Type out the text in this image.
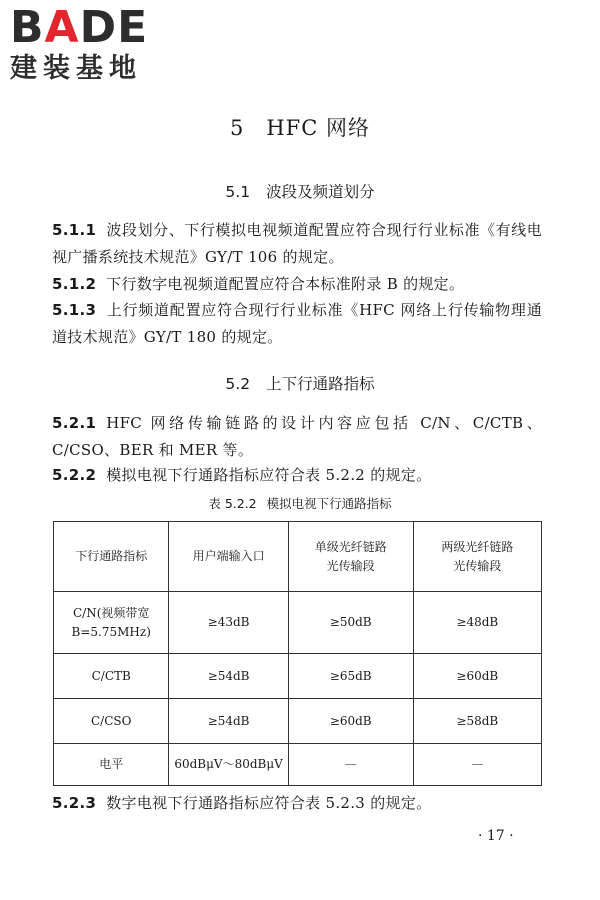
BADE
建装基地
5　HFC 网络
5.1 波段及频道划分
5.1.1 波段划分、下行模拟电视频道配置应符合现行行业标准《有线电视广播系统技术规范》GY/T 106 的规定。
5.1.2 下行数字电视频道配置应符合本标准附录 B 的规定。
5.1.3 上行频道配置应符合现行行业标准《HFC 网络上行传输物理通道技术规范》GY/T 180 的规定。
5.2 上下行通路指标
5.2.1 HFC 网络传输链路的设计内容应包括 C/N、C/CTB、C/CSO、BER 和 MER 等。
5.2.2 模拟电视下行通路指标应符合表 5.2.2 的规定。
表 5.2.2 模拟电视下行通路指标
下行通路指标	用户端输入口	单级光纤链路光传输段	两级光纤链路光传输段

C/N(视频带宽
B=5.75MHz)	≥43dB	≥50dB	≥48dB
C/CTB	≥54dB	≥65dB	≥60dB
C/CSO	≥54dB	≥60dB	≥58dB
电平	60dBμV～80dBμV	—	—
5.2.3 数字电视下行通路指标应符合表 5.2.3 的规定。
· 17 ·
